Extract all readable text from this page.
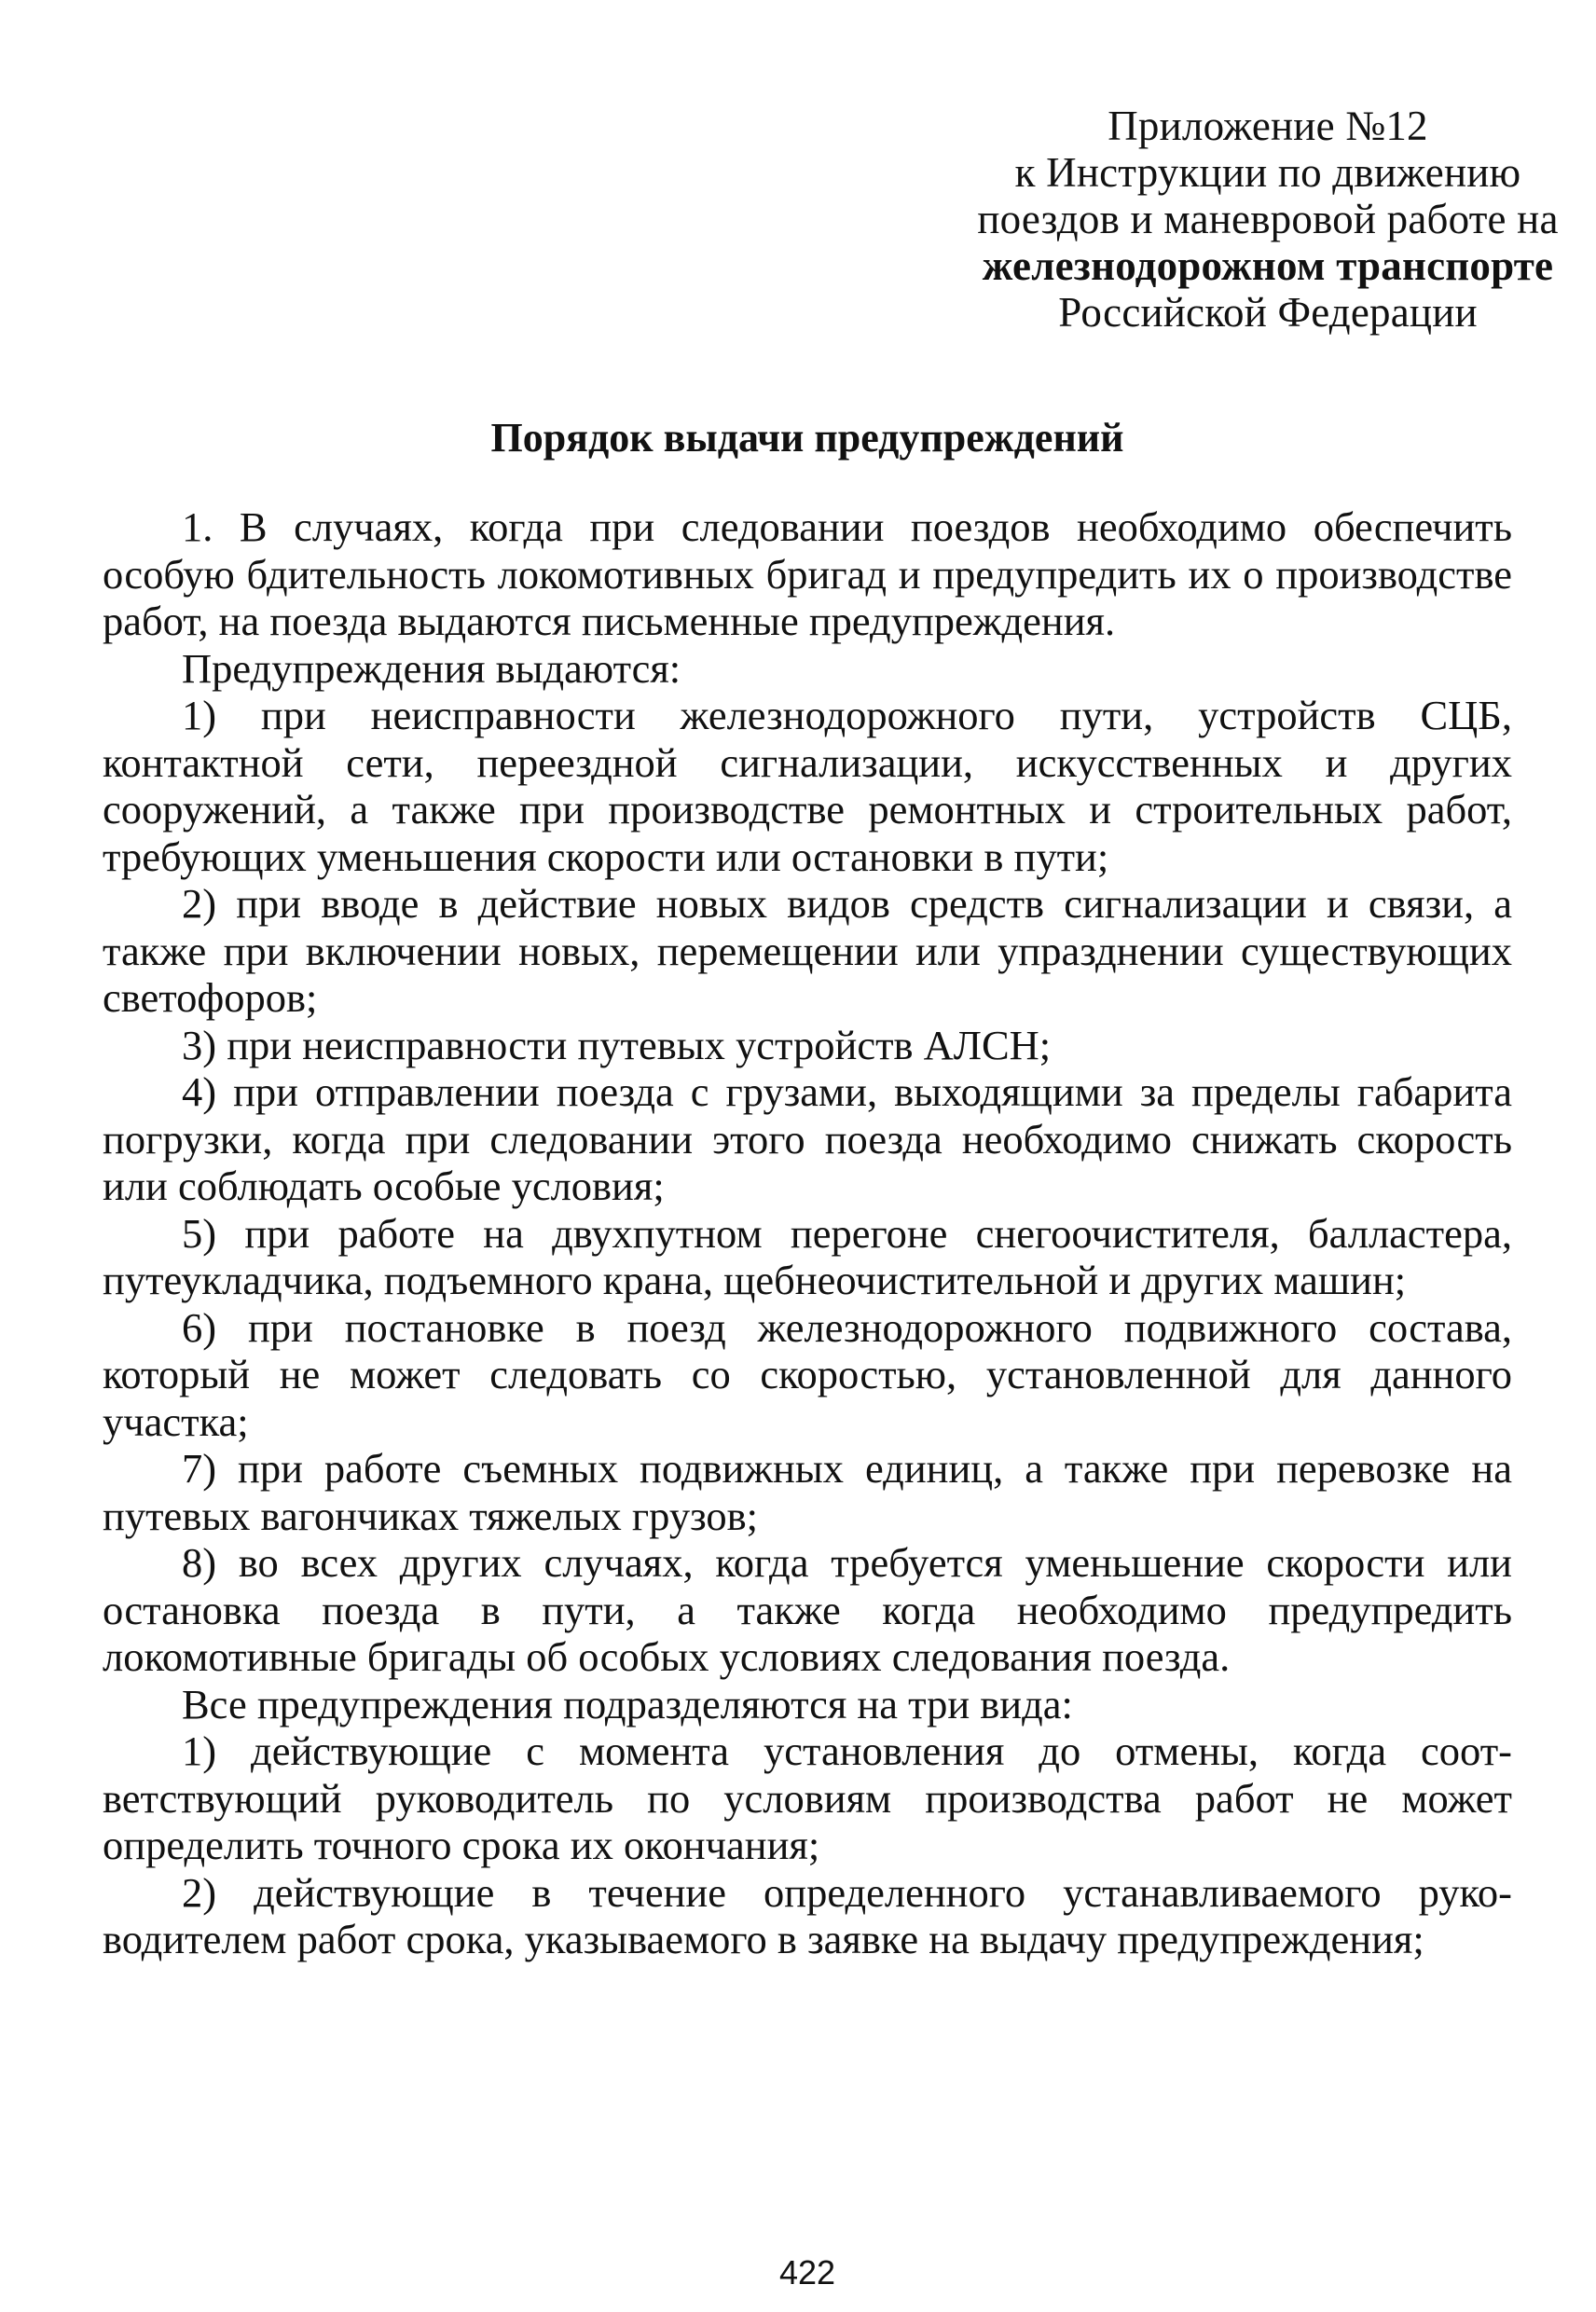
Приложение №12
к Инструкции по движению
поездов и маневровой работе на
железнодорожном транспорте
Российской Федерации
Порядок выдачи предупреждений

1. В случаях, когда при следовании поездов необходимо обеспечить особую бдительность локомотивных бригад и предупредить их о производстве работ, на поезда выдаются письменные предупреждения.

Предупреждения выдаются:

1) при неисправности железнодорожного пути, устройств СЦБ, контактной сети, переездной сигнализации, искусственных и других сооружений, а также при производстве ремонтных и строительных работ, требующих уменьшения скорости или остановки в пути;

2) при вводе в действие новых видов средств сигнализации и связи, а также при включении новых, перемещении или упразднении существующих светофоров;

3) при неисправности путевых устройств АЛСН;

4) при отправлении поезда с грузами, выходящими за пределы габарита погрузки, когда при следовании этого поезда необходимо снижать скорость или соблюдать особые условия;

5) при работе на двухпутном перегоне снегоочистителя, балластера, путеукладчика, подъемного крана, щебнеочистительной и других машин;

6) при постановке в поезд железнодорожного подвижного состава, который не может следовать со скоростью, установленной для данного участка;

7) при работе съемных подвижных единиц, а также при перевозке на путевых вагончиках тяжелых грузов;

8) во всех других случаях, когда требуется уменьшение скорости или остановка поезда в пути, а также когда необходимо предупредить локомотивные бригады об особых условиях следования поезда.

Все предупреждения подразделяются на три вида:

1) действующие с момента установления до отмены, когда соответствующий руководитель по условиям производства работ не может определить точного срока их окончания;

2) действующие в течение определенного устанавливаемого руководителем работ срока, указываемого в заявке на выдачу предупреждения;

422
